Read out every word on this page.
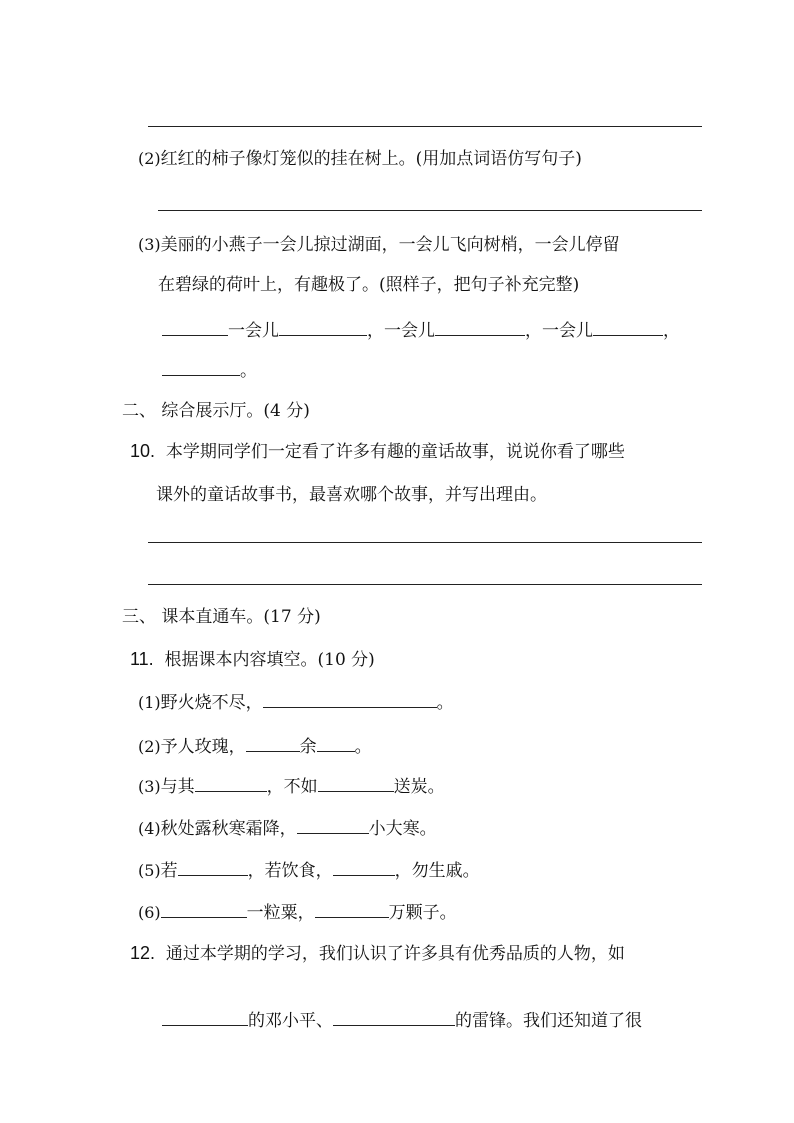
(2)红红的柿子像灯笼似的挂在树上。(用加点词语仿写句子)
(3)美丽的小燕子一会儿掠过湖面，一会儿飞向树梢，一会儿停留
在碧绿的荷叶上，有趣极了。(照样子，把句子补充完整)
一会儿	，一会儿	，一会儿	，
。
二、 综合展示厅。(4 分)
10. 本学期同学们一定看了许多有趣的童话故事，说说你看了哪些
课外的童话故事书，最喜欢哪个故事，并写出理由。
三、 课本直通车。(17 分)
11. 根据课本内容填空。(10 分)
(1)野火烧不尽，	。
(2)予人玫瑰，	余 。
(3)与其	，不如	送炭。
(4)秋处露秋寒霜降，	小大寒。
(5)若	，若饮食，	，勿生戚。
(6)	一粒粟，	万颗子。
12. 通过本学期的学习，我们认识了许多具有优秀品质的人物，如
的邓小平、	的雷锋。我们还知道了很
